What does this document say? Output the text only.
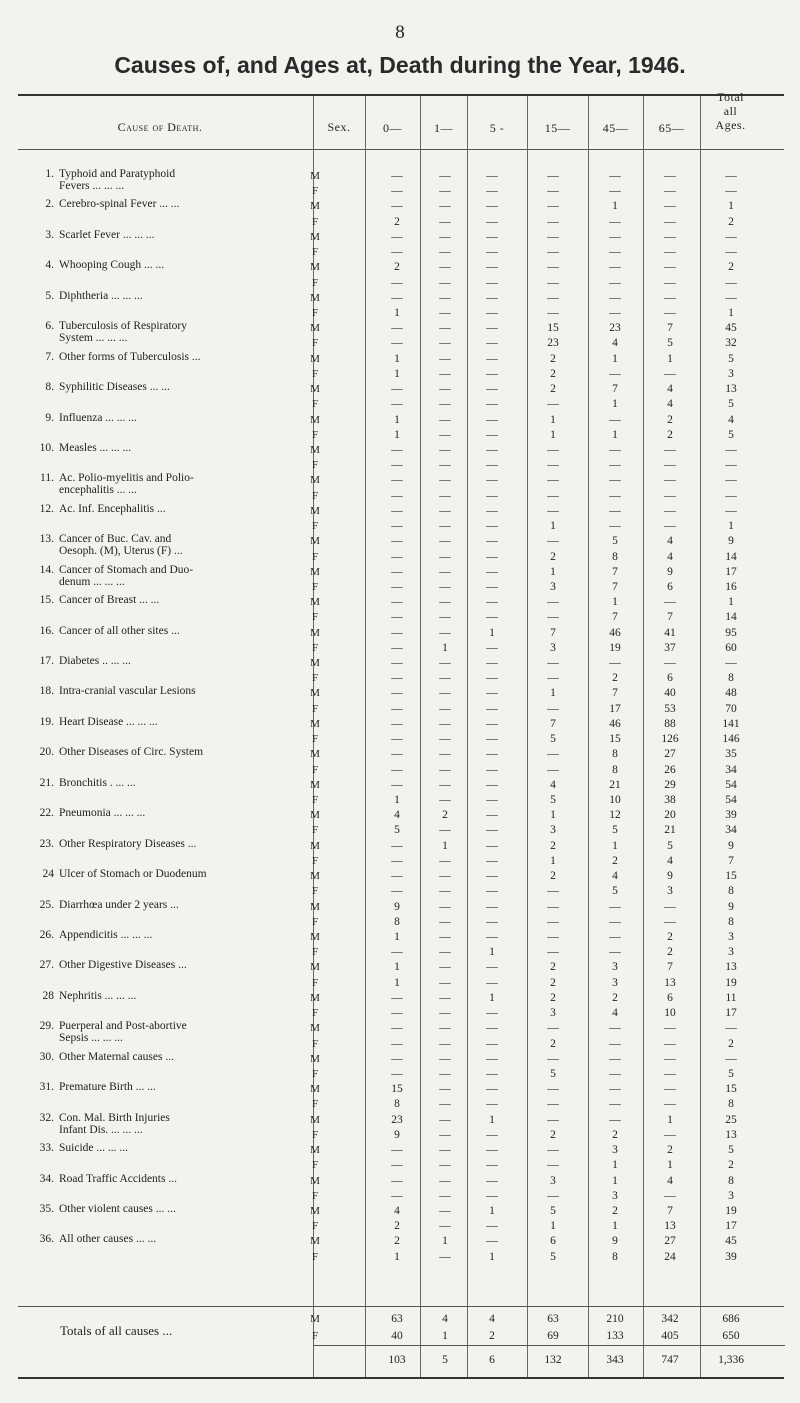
8
Causes of, and Ages at, Death during the Year, 1946.
Cause of Death.	Sex.	0—	1—	5 -	15—	45—	65—
Total
all
Ages.
1. Typhoid and Paratyphoid
Fevers ... ... ...
M	—	—	—	—	—	—	—
F	—	—	—	—	—	—	—
2. Cerebro-spinal Fever ... ...	M	—	—	—	—	1	—	1
F	2	—	—	—	—	—	2
3. Scarlet Fever ... ... ...	M	—	—	—	—	—	—	—
F	—	—	—	—	—	—	—
4. Whooping Cough ... ...	M	2	—	—	—	—	—	2
F	—	—	—	—	—	—	—
5. Diphtheria ... ... ...	M	—	—	—	—	—	—	—
F	1	—	—	—	—	—	1
6. Tuberculosis of Respiratory
System ... ... ...
M	—	—	—	15	23	7	45
F	—	—	—	23	4	5	32
7. Other forms of Tuberculosis ...	M	1	—	—	2	1	1	5
F	1	—	—	2	—	—	3
8. Syphilitic Diseases ... ...	M	—	—	—	2	7	4	13
F	—	—	—	—	1	4	5
9. Influenza ... ... ...	M	1	—	—	1	—	2	4
F	1	—	—	1	1	2	5
10. Measles ... ... ...	M	—	—	—	—	—	—	—
F	—	—	—	—	—	—	—
11. Ac. Polio-myelitis and Polio-
encephalitis ... ...
M	—	—	—	—	—	—	—
F	—	—	—	—	—	—	—
12. Ac. Inf. Encephalitis ...	M	—	—	—	—	—	—	—
F	—	—	—	1	—	—	1
13. Cancer of Buc. Cav. and
Oesoph. (M), Uterus (F) ...
M	—	—	—	—	5	4	9
F	—	—	—	2	8	4	14
14. Cancer of Stomach and Duo-
denum ... ... ...
M	—	—	—	1	7	9	17
F	—	—	—	3	7	6	16
15. Cancer of Breast ... ...	M	—	—	—	—	1	—	1
F	—	—	—	—	7	7	14
16. Cancer of all other sites ...	M	—	—	1	7	46	41	95
F	—	1	—	3	19	37	60
17. Diabetes .. ... ...	M	—	—	—	—	—	—	—
F	—	—	—	—	2	6	8
18. Intra-cranial vascular Lesions	M	—	—	—	1	7	40	48
F	—	—	—	—	17	53	70
19. Heart Disease ... ... ...	M	—	—	—	7	46	88	141
F	—	—	—	5	15	126	146
20. Other Diseases of Circ. System	M	—	—	—	—	8	27	35
F	—	—	—	—	8	26	34
21. Bronchitis . ... ...	M	—	—	—	4	21	29	54
F	1	—	—	5	10	38	54
22. Pneumonia ... ... ...	M	4	2	—	1	12	20	39
F	5	—	—	3	5	21	34
23. Other Respiratory Diseases ...	M	—	1	—	2	1	5	9
F	—	—	—	1	2	4	7
24 Ulcer of Stomach or Duodenum	M	—	—	—	2	4	9	15
F	—	—	—	—	5	3	8
25. Diarrhœa under 2 years ...	M	9	—	—	—	—	—	9
F	8	—	—	—	—	—	8
26. Appendicitis ... ... ...	M	1	—	—	—	—	2	3
F	—	—	1	—	—	2	3
27. Other Digestive Diseases ...	M	1	—	—	2	3	7	13
F	1	—	—	2	3	13	19
28 Nephritis ... ... ...	M	—	—	1	2	2	6	11
F	—	—	—	3	4	10	17
29. Puerperal and Post-abortive
Sepsis ... ... ...
M	—	—	—	—	—	—	—
F	—	—	—	2	—	—	2
30. Other Maternal causes ...	M	—	—	—	—	—	—	—
F	—	—	—	5	—	—	5
31. Premature Birth ... ...	M	15	—	—	—	—	—	15
F	8	—	—	—	—	—	8
32. Con. Mal. Birth Injuries
Infant Dis. ... ... ...
M	23	—	1	—	—	1	25
F	9	—	—	2	2	—	13
33. Suicide ... ... ...	M	—	—	—	—	3	2	5
F	—	—	—	—	1	1	2
34. Road Traffic Accidents ...	M	—	—	—	3	1	4	8
F	—	—	—	—	3	—	3
35. Other violent causes ... ...	M	4	—	1	5	2	7	19
F	2	—	—	1	1	13	17
36. All other causes ... ...	M	2	1	—	6	9	27	45
F	1	—	1	5	8	24	39
M	63	4	4	63	210	342	686
F	40	1	2	69	133	405	650
103	5	6	132	343	747	1,336
Totals of all causes ...
